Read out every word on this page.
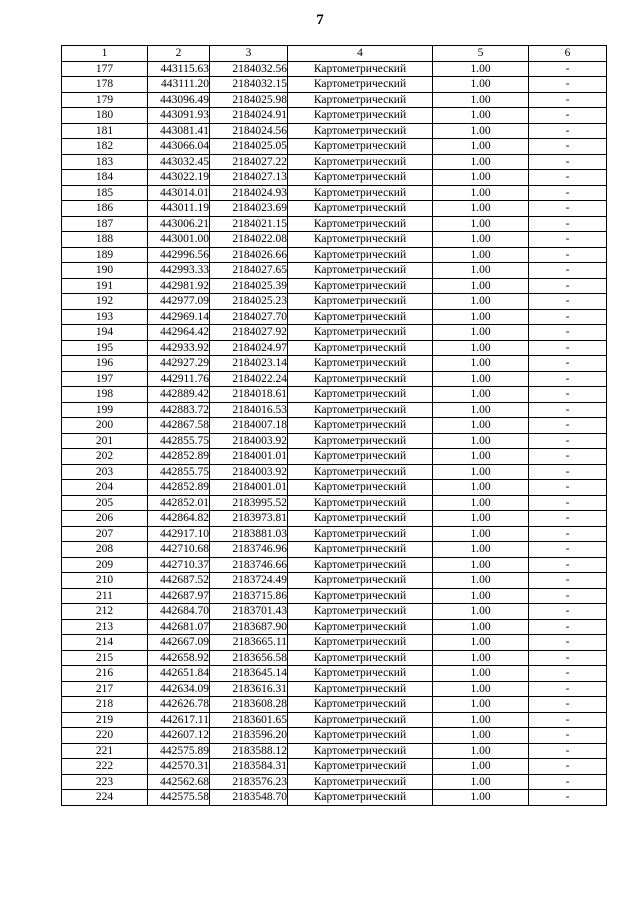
7
1	2	3	4	5	6
177	443115.63	2184032.56	Картометрический	1.00	-
178	443111.20	2184032.15	Картометрический	1.00	-
179	443096.49	2184025.98	Картометрический	1.00	-
180	443091.93	2184024.91	Картометрический	1.00	-
181	443081.41	2184024.56	Картометрический	1.00	-
182	443066.04	2184025.05	Картометрический	1.00	-
183	443032.45	2184027.22	Картометрический	1.00	-
184	443022.19	2184027.13	Картометрический	1.00	-
185	443014.01	2184024.93	Картометрический	1.00	-
186	443011.19	2184023.69	Картометрический	1.00	-
187	443006.21	2184021.15	Картометрический	1.00	-
188	443001.00	2184022.08	Картометрический	1.00	-
189	442996.56	2184026.66	Картометрический	1.00	-
190	442993.33	2184027.65	Картометрический	1.00	-
191	442981.92	2184025.39	Картометрический	1.00	-
192	442977.09	2184025.23	Картометрический	1.00	-
193	442969.14	2184027.70	Картометрический	1.00	-
194	442964.42	2184027.92	Картометрический	1.00	-
195	442933.92	2184024.97	Картометрический	1.00	-
196	442927.29	2184023.14	Картометрический	1.00	-
197	442911.76	2184022.24	Картометрический	1.00	-
198	442889.42	2184018.61	Картометрический	1.00	-
199	442883.72	2184016.53	Картометрический	1.00	-
200	442867.58	2184007.18	Картометрический	1.00	-
201	442855.75	2184003.92	Картометрический	1.00	-
202	442852.89	2184001.01	Картометрический	1.00	-
203	442855.75	2184003.92	Картометрический	1.00	-
204	442852.89	2184001.01	Картометрический	1.00	-
205	442852.01	2183995.52	Картометрический	1.00	-
206	442864.82	2183973.81	Картометрический	1.00	-
207	442917.10	2183881.03	Картометрический	1.00	-
208	442710.68	2183746.96	Картометрический	1.00	-
209	442710.37	2183746.66	Картометрический	1.00	-
210	442687.52	2183724.49	Картометрический	1.00	-
211	442687.97	2183715.86	Картометрический	1.00	-
212	442684.70	2183701.43	Картометрический	1.00	-
213	442681.07	2183687.90	Картометрический	1.00	-
214	442667.09	2183665.11	Картометрический	1.00	-
215	442658.92	2183656.58	Картометрический	1.00	-
216	442651.84	2183645.14	Картометрический	1.00	-
217	442634.09	2183616.31	Картометрический	1.00	-
218	442626.78	2183608.28	Картометрический	1.00	-
219	442617.11	2183601.65	Картометрический	1.00	-
220	442607.12	2183596.20	Картометрический	1.00	-
221	442575.89	2183588.12	Картометрический	1.00	-
222	442570.31	2183584.31	Картометрический	1.00	-
223	442562.68	2183576.23	Картометрический	1.00	-
224	442575.58	2183548.70	Картометрический	1.00	-
